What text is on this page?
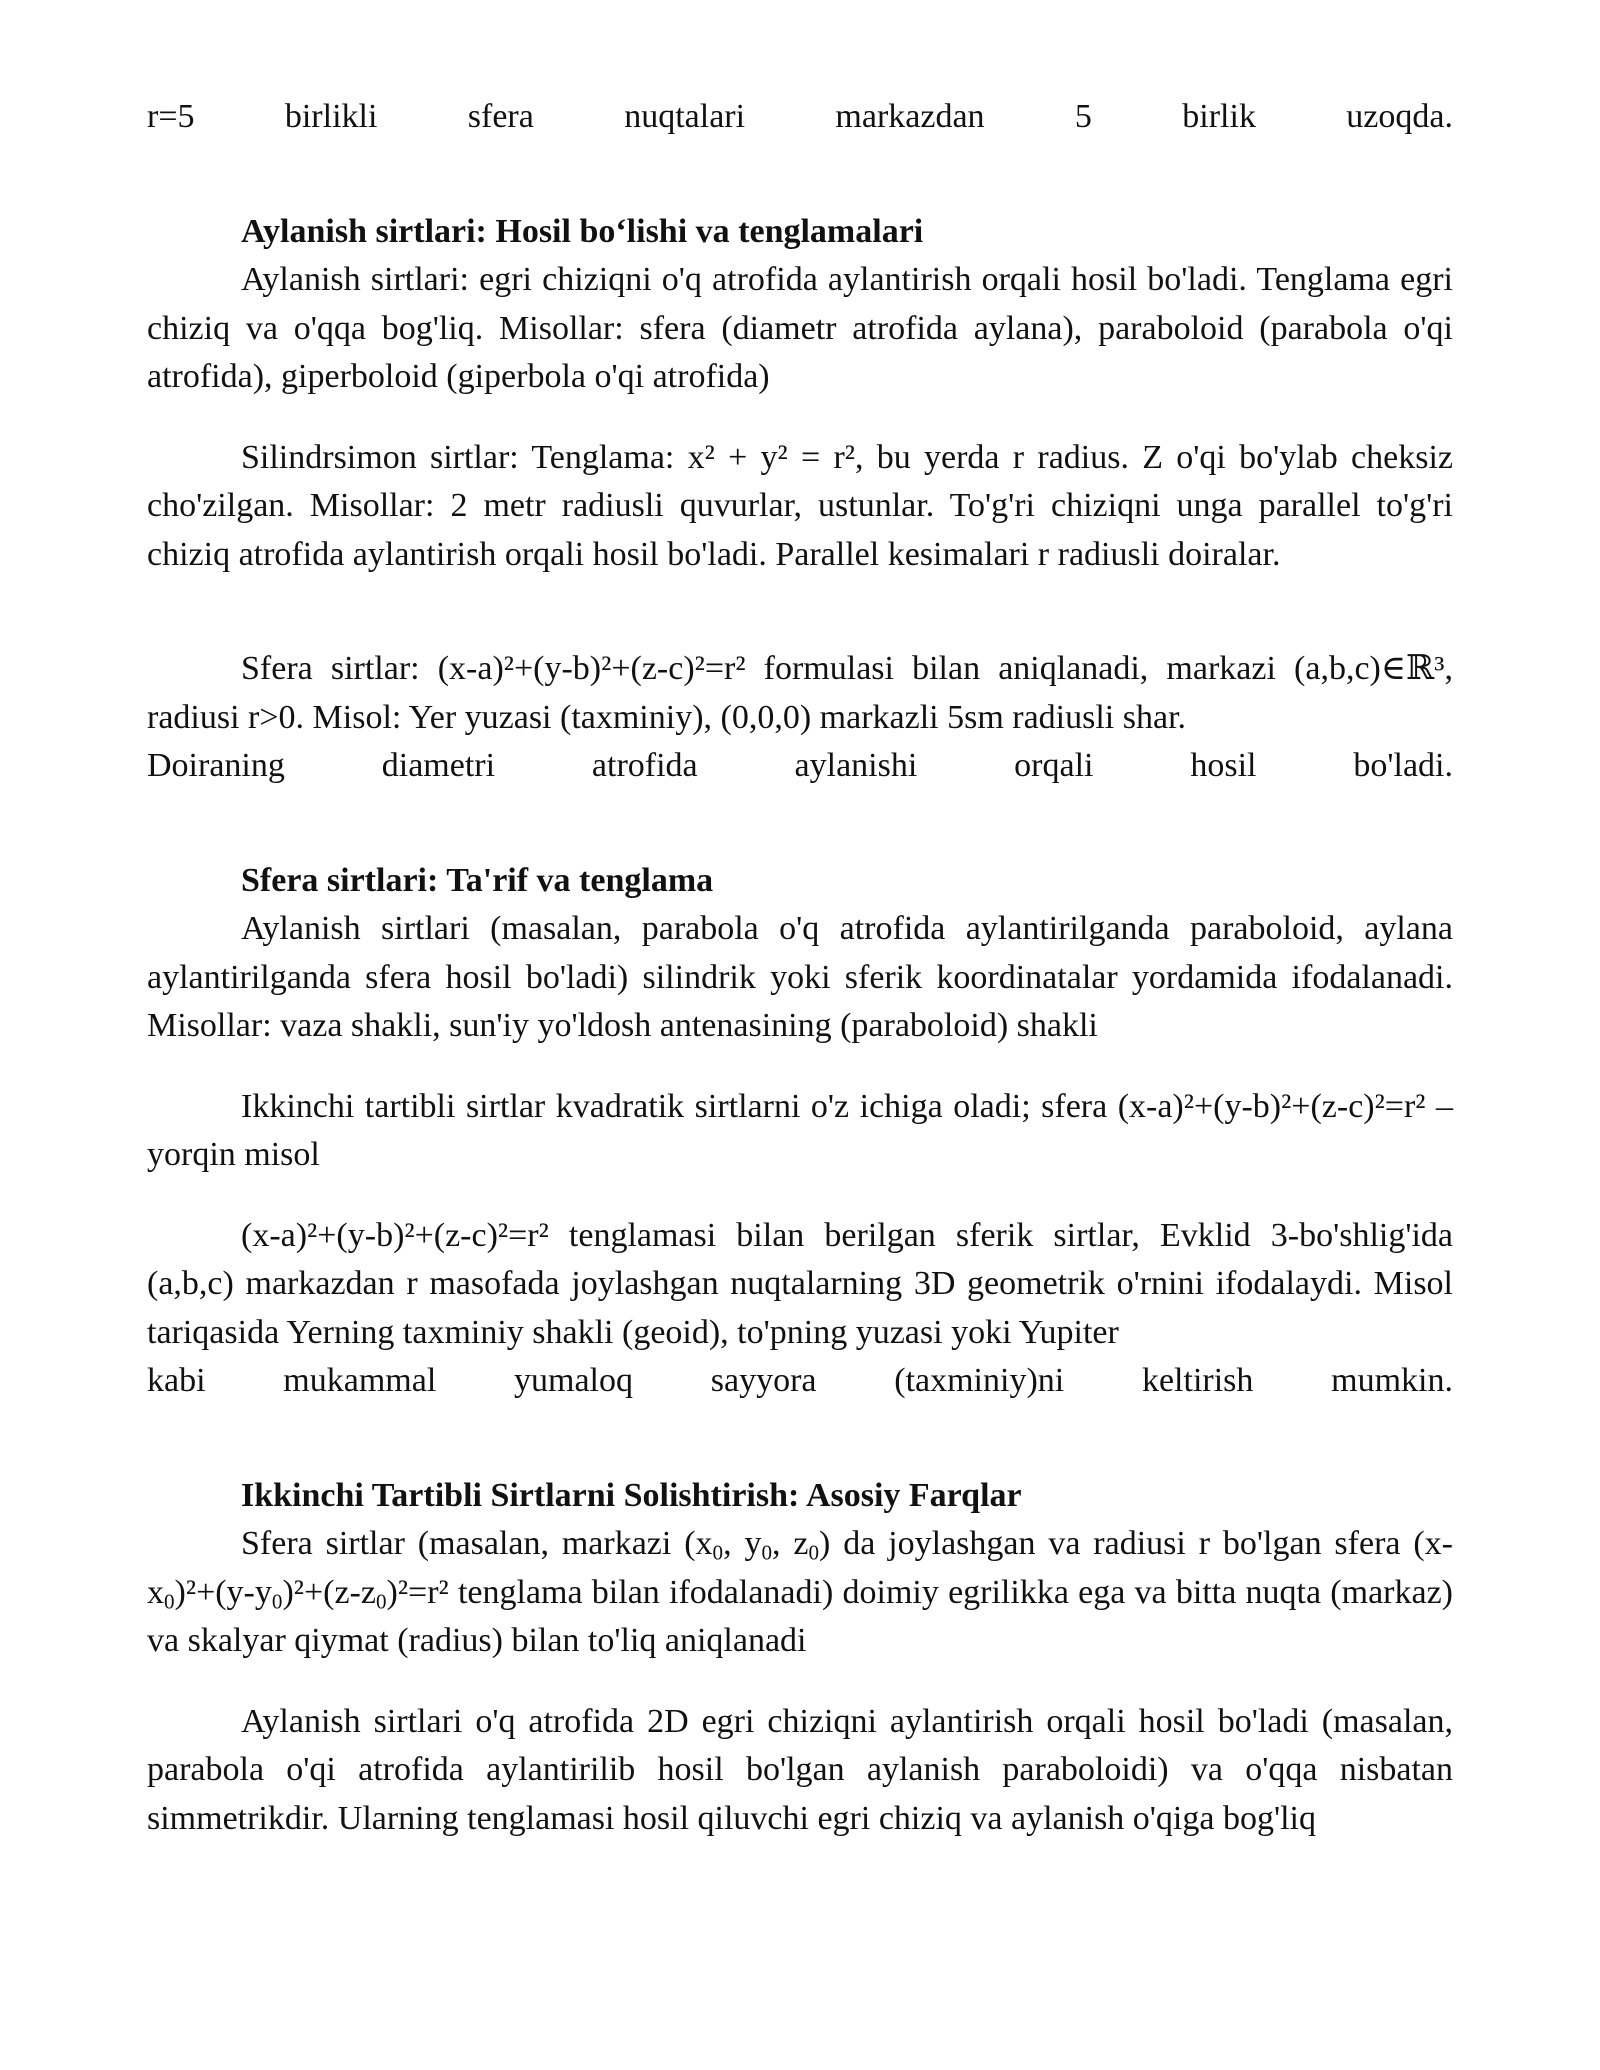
r=5 birlikli sfera nuqtalari markazdan 5 birlik uzoqda.

Aylanish sirtlari: Hosil bo‘lishi va tenglamalari

Aylanish sirtlari: egri chiziqni o'q atrofida aylantirish orqali hosil bo'ladi. Tenglama egri chiziq va o'qqa bog'liq. Misollar: sfera (diametr atrofida aylana), paraboloid (parabola o'qi atrofida), giperboloid (giperbola o'qi atrofida)

Silindrsimon sirtlar: Tenglama: x² + y² = r², bu yerda r radius. Z o'qi bo'ylab cheksiz cho'zilgan. Misollar: 2 metr radiusli quvurlar, ustunlar. To'g'ri chiziqni unga parallel to'g'ri chiziq atrofida aylantirish orqali hosil bo'ladi. Parallel kesimalari r radiusli doiralar.

Sfera sirtlar: (x-a)²+(y-b)²+(z-c)²=r² formulasi bilan aniqlanadi, markazi (a,b,c)∈ℝ³, radiusi r>0. Misol: Yer yuzasi (taxminiy), (0,0,0) markazli 5sm radiusli shar.

Doiraning diametri atrofida aylanishi orqali hosil bo'ladi.

Sfera sirtlari: Ta'rif va tenglama

Aylanish sirtlari (masalan, parabola o'q atrofida aylantirilganda paraboloid, aylana aylantirilganda sfera hosil bo'ladi) silindrik yoki sferik koordinatalar yordamida ifodalanadi. Misollar: vaza shakli, sun'iy yo'ldosh antenasining (paraboloid) shakli

Ikkinchi tartibli sirtlar kvadratik sirtlarni o'z ichiga oladi; sfera (x-a)²+(y-b)²+(z-c)²=r² – yorqin misol

(x-a)²+(y-b)²+(z-c)²=r² tenglamasi bilan berilgan sferik sirtlar, Evklid 3-bo'shlig'ida (a,b,c) markazdan r masofada joylashgan nuqtalarning 3D geometrik o'rnini ifodalaydi. Misol tariqasida Yerning taxminiy shakli (geoid), to'pning yuzasi yoki Yupiter

kabi mukammal yumaloq sayyora (taxminiy)ni keltirish mumkin.

Ikkinchi Tartibli Sirtlarni Solishtirish: Asosiy Farqlar

Sfera sirtlar (masalan, markazi ($x_0$, $y_0$, $z_0$) da joylashgan va radiusi r bo'lgan sfera $(x-x_0)^2+(y-y_0)^2+(z-z_0)^2=r^2$ tenglama bilan ifodalanadi) doimiy egrilikka ega va bitta nuqta (markaz) va skalyar qiymat (radius) bilan to'liq aniqlanadi

Aylanish sirtlari o'q atrofida 2D egri chiziqni aylantirish orqali hosil bo'ladi (masalan, parabola o'qi atrofida aylantirilib hosil bo'lgan aylanish paraboloidi) va o'qqa nisbatan simmetrikdir. Ularning tenglamasi hosil qiluvchi egri chiziq va aylanish o'qiga bog'liq
